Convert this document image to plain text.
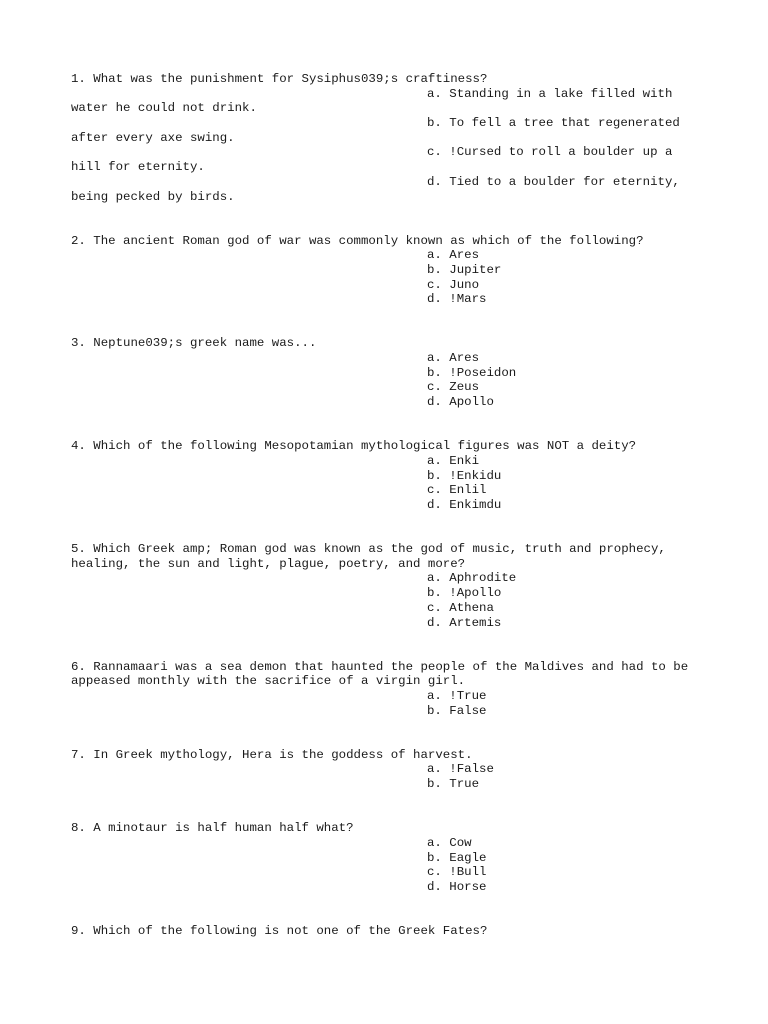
1. What was the punishment for Sysiphus039;s craftiness?
a. Standing in a lake filled with
water he could not drink.
b. To fell a tree that regenerated
after every axe swing.
c. !Cursed to roll a boulder up a
hill for eternity.
d. Tied to a boulder for eternity,
being pecked by birds.
2. The ancient Roman god of war was commonly known as which of the following?
a. Ares
b. Jupiter
c. Juno
d. !Mars
3. Neptune039;s greek name was...
a. Ares
b. !Poseidon
c. Zeus
d. Apollo
4. Which of the following Mesopotamian mythological figures was NOT a deity?
a. Enki
b. !Enkidu
c. Enlil
d. Enkimdu
5. Which Greek amp; Roman god was known as the god of music, truth and prophecy,
healing, the sun and light, plague, poetry, and more?
a. Aphrodite
b. !Apollo
c. Athena
d. Artemis
6. Rannamaari was a sea demon that haunted the people of the Maldives and had to be
appeased monthly with the sacrifice of a virgin girl.
a. !True
b. False
7. In Greek mythology, Hera is the goddess of harvest.
a. !False
b. True
8. A minotaur is half human half what?
a. Cow
b. Eagle
c. !Bull
d. Horse
9. Which of the following is not one of the Greek Fates?
